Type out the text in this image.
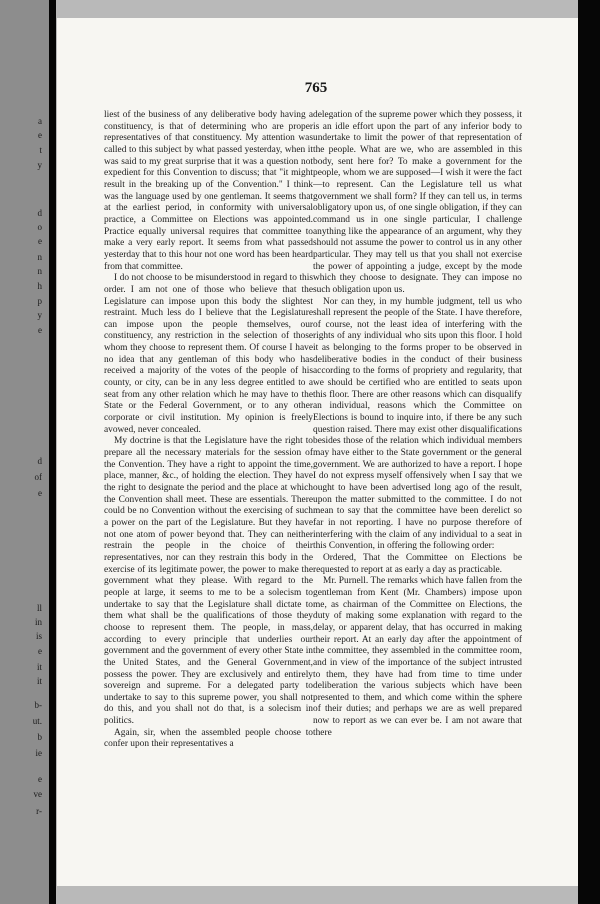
a
e
t
y
d
o
e
n
n
h
p
y
e
d
of
e
ll
in
is
e
it
it
b-
ut.
b
ie
e
ve
r-
765

liest of the business of any deliberative body having a constituency, is that of determining who are proper representatives of that constituency. My attention was called to this subject by what passed yesterday, when it was said to my great surprise that it was a question not expedient for this Convention to discuss; that "it might result in the breaking up of the Convention." I think was the language used by one gentleman. It seems that at the earliest period, in conformity with universal practice, a Committee on Elections was appointed. Practice equally universal requires that committee to make a very early report. It seems from what passed yesterday that to this hour not one word has been heard from that committee.

I do not choose to be misunderstood in regard to this order. I am not one of those who believe that the Legislature can impose upon this body the slightest restraint. Much less do I believe that the Legislature can impose upon the people themselves, our constituency, any restriction in the selection of those whom they choose to represent them. Of course I have no idea that any gentleman of this body who has received a majority of the votes of the people of his county, or city, can be in any less degree entitled to a seat from any other relation which he may have to the State or the Federal Government, or to any other corporate or civil institution. My opinion is freely avowed, never concealed.

My doctrine is that the Legislature have the right to prepare all the necessary materials for the session of the Convention. They have a right to appoint the time, place, manner, &c., of holding the election. They have the right to designate the period and the place at which the Convention shall meet. These are essentials. There could be no Convention without the exercising of such a power on the part of the Legislature. But they have not one atom of power beyond that. They can neither restrain the people in the choice of their representatives, nor can they restrain this body in the exercise of its legitimate power, the power to make the government what they please. With regard to the people at large, it seems to me to be a solecism to undertake to say that the Legislature shall dictate to them what shall be the qualifications of those they choose to represent them. The people, in mass, according to every principle that underlies our government and the government of every other State in the United States, and the General Government, possess the power. They are exclusively and entirely sovereign and supreme. For a delegated party to undertake to say to this supreme power, you shall not do this, and you shall not do that, is a solecism in politics.

Again, sir, when the assembled people choose to confer upon their representatives a

delegation of the supreme power which they possess, it is an idle effort upon the part of any inferior body to undertake to limit the power of that representation of the people. What are we, who are assembled in this body, sent here for? To make a government for the people, whom we are supposed—I wish it were the fact—to represent. Can the Legislature tell us what government we shall form? If they can tell us, in terms obligatory upon us, of one single obligation, if they can command us in one single particular, I challenge anything like the appearance of an argument, why they should not assume the power to control us in any other particular. They may tell us that you shall not exercise the power of appointing a judge, except by the mode which they choose to designate. They can impose no such obligation upon us.

Nor can they, in my humble judgment, tell us who shall represent the people of the State. I have therefore, of course, not the least idea of interfering with the rights of any individual who sits upon this floor. I hold it as belonging to the forms proper to be observed in deliberative bodies in the conduct of their business according to the forms of propriety and regularity, that we should be certified who are entitled to seats upon this floor. There are other reasons which can disqualify an individual, reasons which the Committee on Elections is bound to inquire into, if there be any such question raised. There may exist other disqualifications besides those of the relation which individual members may have either to the State government or the general government. We are authorized to have a report. I hope I do not express myself offensively when I say that we ought to have been advertised long ago of the result, upon the matter submitted to the committee. I do not mean to say that the committee have been derelict so far in not reporting. I have no purpose therefore of interfering with the claim of any individual to a seat in this Convention, in offering the following order:

Ordered, That the Committee on Elections be requested to report at as early a day as practicable.

Mr. Purnell. The remarks which have fallen from the gentleman from Kent (Mr. Chambers) impose upon me, as chairman of the Committee on Elections, the duty of making some explanation with regard to the delay, or apparent delay, that has occurred in making their report. At an early day after the appointment of the committee, they assembled in the committee room, and in view of the importance of the subject intrusted to them, they have had from time to time under deliberation the various subjects which have been presented to them, and which come within the sphere of their duties; and perhaps we are as well prepared now to report as we can ever be. I am not aware that there
